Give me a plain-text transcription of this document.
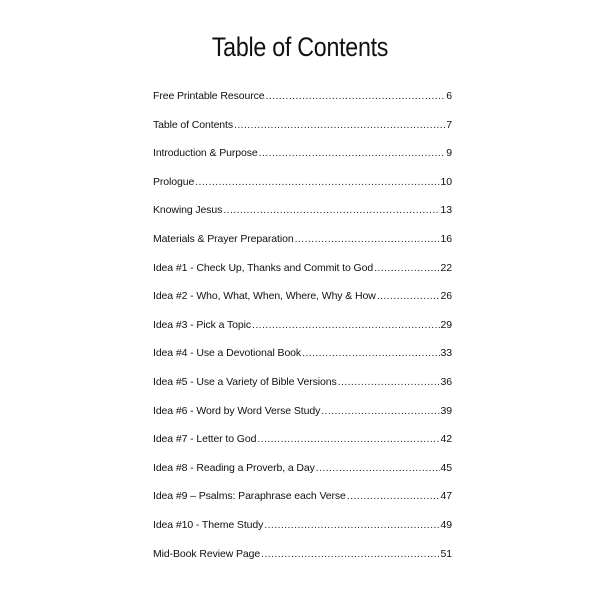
Table of Contents
Free Printable Resource .....	6
Table of Contents .....	7
Introduction & Purpose .....	9
Prologue .....	10
Knowing Jesus .....	13
Materials & Prayer Preparation .....	16
Idea #1 - Check Up, Thanks and Commit to God .....	22
Idea #2 - Who, What, When, Where, Why & How .....	26
Idea #3 - Pick a Topic .....	29
Idea #4 - Use a Devotional Book .....	33
Idea #5 - Use a Variety of Bible Versions .....	36
Idea #6 - Word by Word Verse Study .....	39
Idea #7 - Letter to God .....	42
Idea #8 - Reading a Proverb, a Day .....	45
Idea #9 – Psalms: Paraphrase each Verse .....	47
Idea #10 - Theme Study .....	49
Mid-Book Review Page .....	51
